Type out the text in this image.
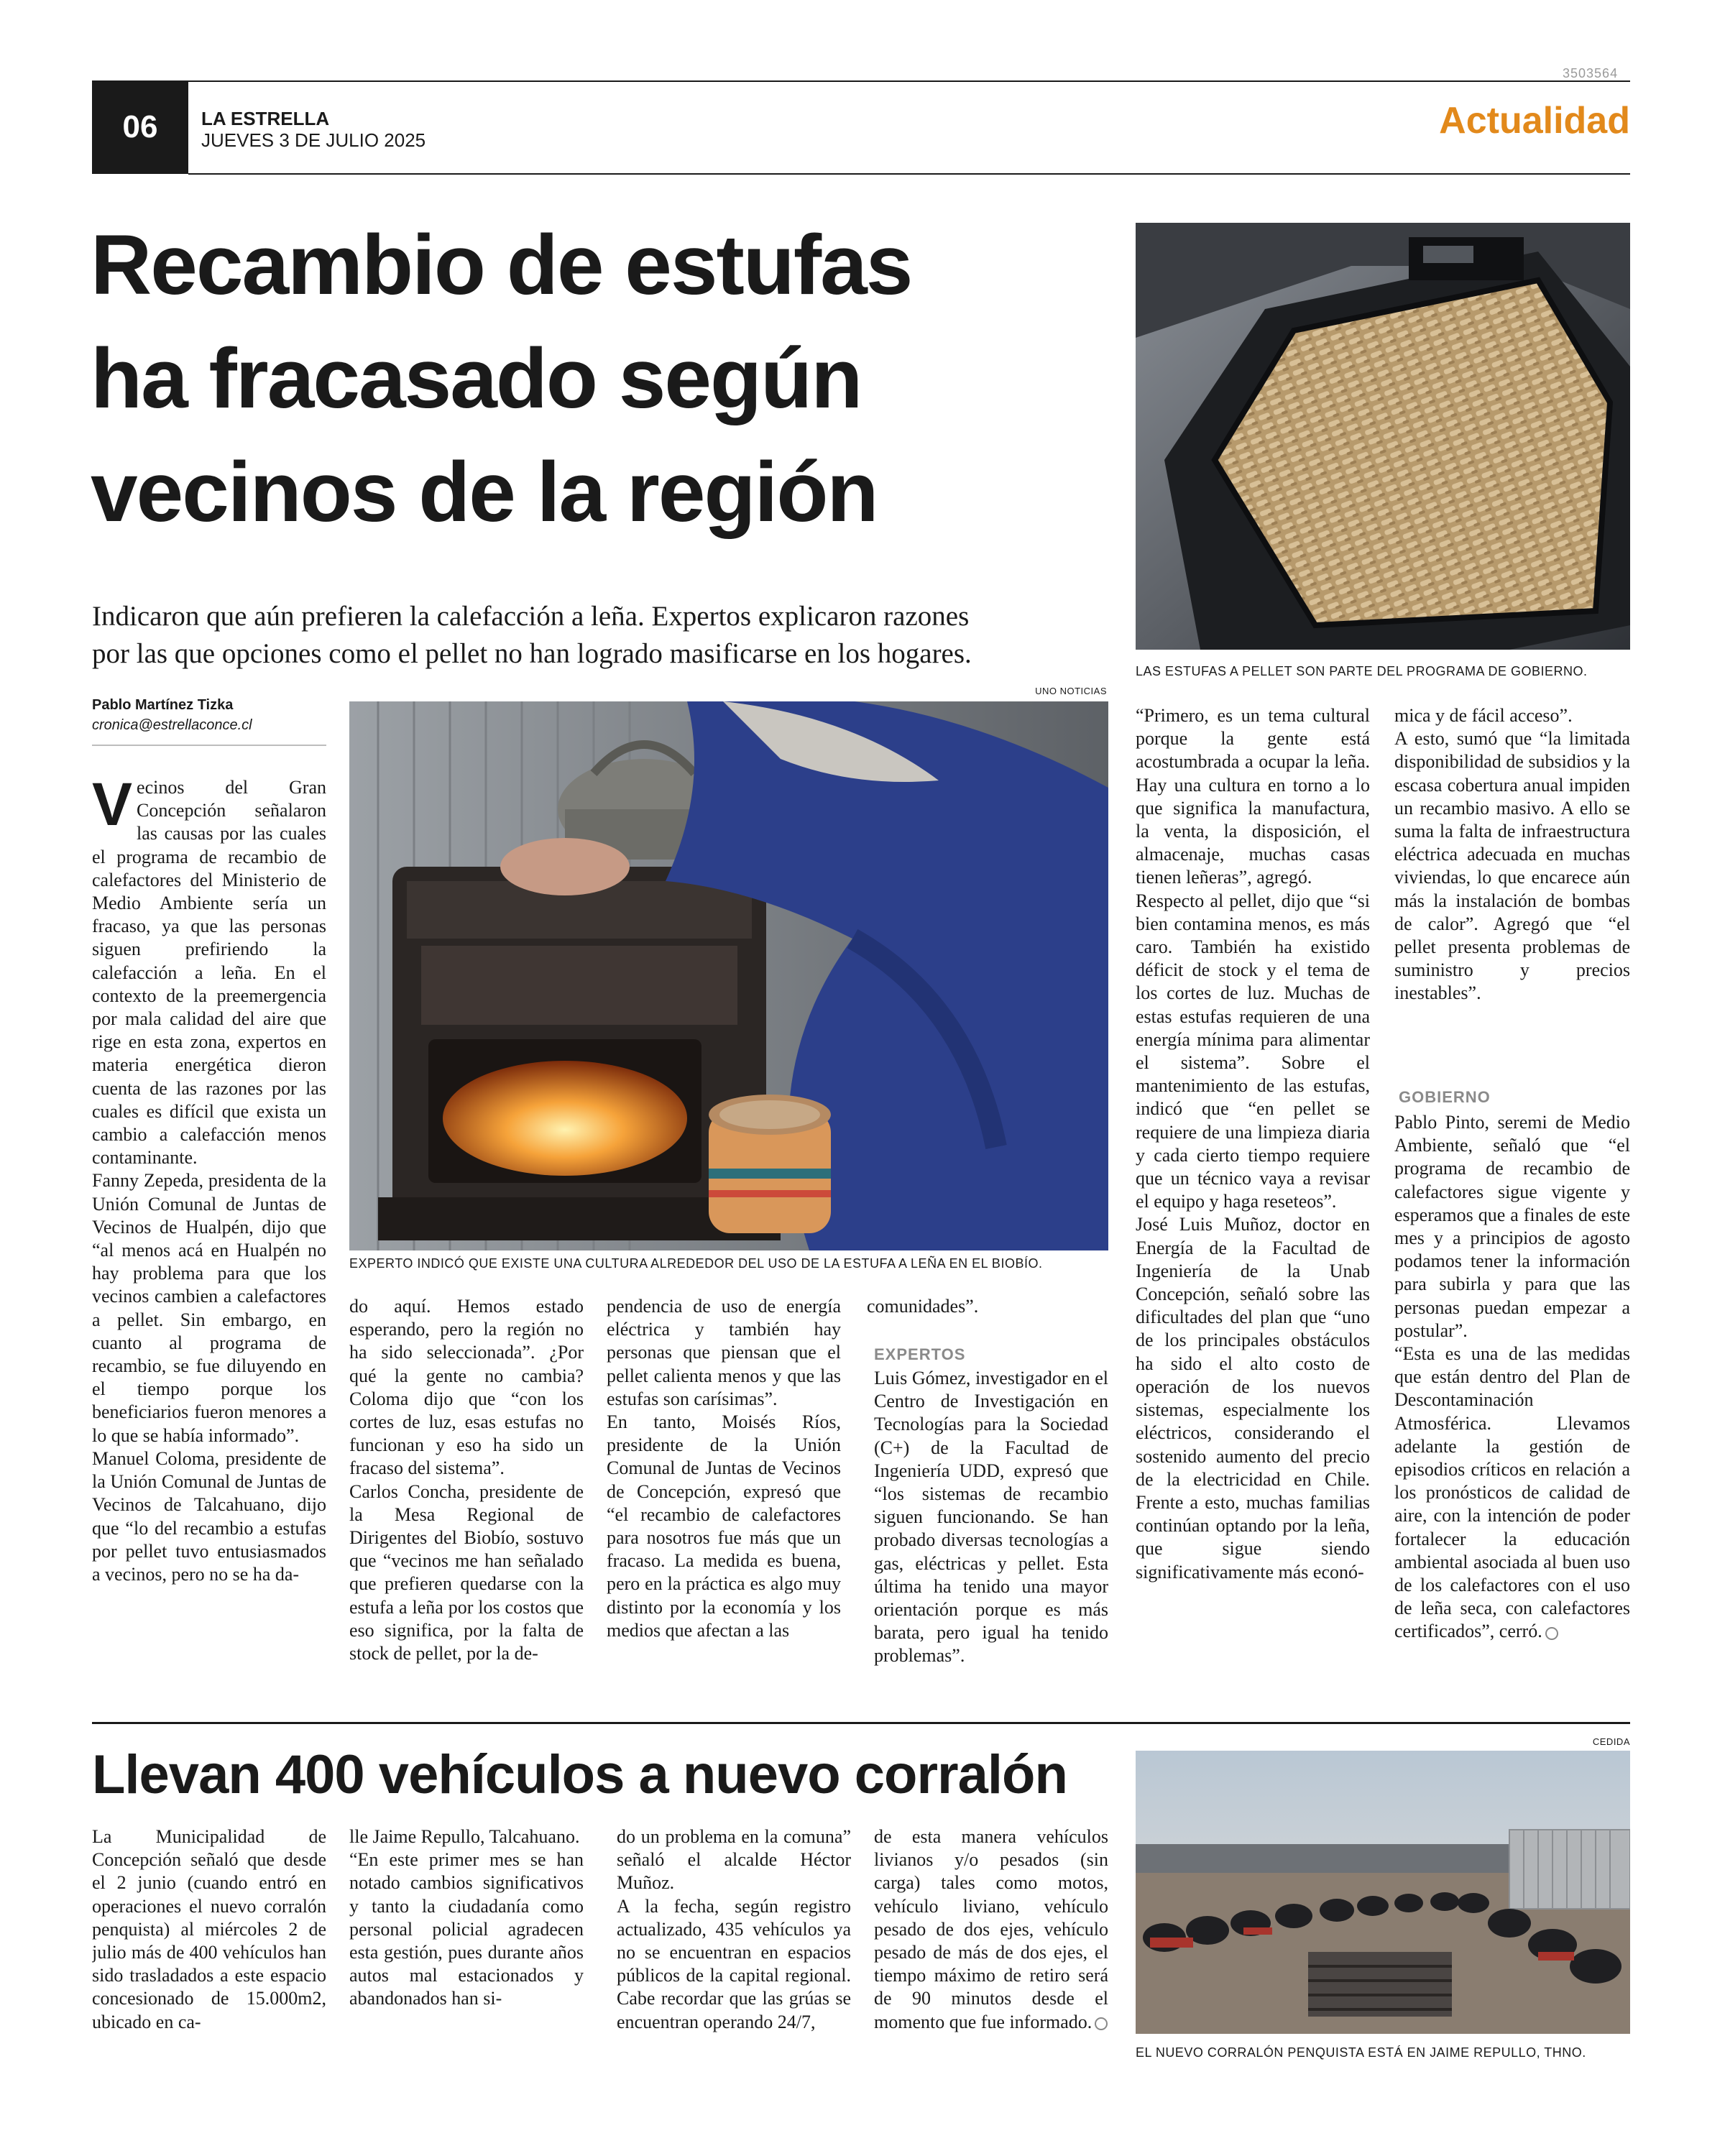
3503564
06	LA ESTRELLA
JUEVES 3 DE JULIO 2025	Actualidad
Recambio de estufas
ha fracasado según
vecinos de la región
LAS ESTUFAS A PELLET SON PARTE DEL PROGRAMA DE GOBIERNO.
Indicaron que aún prefieren la calefacción a leña. Expertos explicaron razones
por las que opciones como el pellet no han logrado masificarse en los hogares.
UNO NOTICIAS
Pablo Martínez Tizka
cronica@estrellaconce.cl
EXPERTO INDICÓ QUE EXISTE UNA CULTURA ALREDEDOR DEL USO DE LA ESTUFA A LEÑA EN EL BIOBÍO.
Vecinos del Gran Concepción señalaron las causas por las cuales el programa de recambio de calefactores del Ministerio de Medio Ambiente sería un fracaso, ya que las personas siguen prefiriendo la calefacción a leña. En el contexto de la preemergencia por mala calidad del aire que rige en esta zona, expertos en materia energética dieron cuenta de las razones por las cuales es difícil que exista un cambio a calefacción menos contaminante.
Fanny Zepeda, presidenta de la Unión Comunal de Juntas de Vecinos de Hualpén, dijo que “al menos acá en Hualpén no hay problema para que los vecinos cambien a calefactores a pellet. Sin embargo, en cuanto al programa de recambio, se fue diluyendo en el tiempo porque los beneficiarios fueron menores a lo que se había informado”.
Manuel Coloma, presidente de la Unión Comunal de Juntas de Vecinos de Talcahuano, dijo que “lo del recambio a estufas por pellet tuvo entusiasmados a vecinos, pero no se ha da-
do aquí. Hemos estado esperando, pero la región no ha sido seleccionada”. ¿Por qué la gente no cambia? Coloma dijo que “con los cortes de luz, esas estufas no funcionan y eso ha sido un fracaso del sistema”.
Carlos Concha, presidente de la Mesa Regional de Dirigentes del Biobío, sostuvo que “vecinos me han señalado que prefieren quedarse con la estufa a leña por los costos que eso significa, por la falta de stock de pellet, por la de-
pendencia de uso de energía eléctrica y también hay personas que piensan que el pellet calienta menos y que las estufas son carísimas”.
En tanto, Moisés Ríos, presidente de la Unión Comunal de Juntas de Vecinos de Concepción, expresó que “el recambio de calefactores para nosotros fue más que un fracaso. La medida es buena, pero en la práctica es algo muy distinto por la economía y los medios que afectan a las
comunidades”.
EXPERTOS
Luis Gómez, investigador en el Centro de Investigación en Tecnologías para la Sociedad (C+) de la Facultad de Ingeniería UDD, expresó que “los sistemas de recambio siguen funcionando. Se han probado diversas tecnologías a gas, eléctricas y pellet. Esta última ha tenido una mayor orientación porque es más barata, pero igual ha tenido problemas”.
“Primero, es un tema cultural porque la gente está acostumbrada a ocupar la leña. Hay una cultura en torno a lo que significa la manufactura, la venta, la disposición, el almacenaje, muchas casas tienen leñeras”, agregó.
Respecto al pellet, dijo que “si bien contamina menos, es más caro. También ha existido déficit de stock y el tema de los cortes de luz. Muchas de estas estufas requieren de una energía mínima para alimentar el sistema”. Sobre el mantenimiento de las estufas, indicó que “en pellet se requiere de una limpieza diaria y cada cierto tiempo requiere que un técnico vaya a revisar el equipo y haga reseteos”.
José Luis Muñoz, doctor en Energía de la Facultad de Ingeniería de la Unab Concepción, señaló sobre las dificultades del plan que “uno de los principales obstáculos ha sido el alto costo de operación de los nuevos sistemas, especialmente los eléctricos, considerando el sostenido aumento del precio de la electricidad en Chile. Frente a esto, muchas familias continúan optando por la leña, que sigue siendo significativamente más econó-
mica y de fácil acceso”.
A esto, sumó que “la limitada disponibilidad de subsidios y la escasa cobertura anual impiden un recambio masivo. A ello se suma la falta de infraestructura eléctrica adecuada en muchas viviendas, lo que encarece aún más la instalación de bombas de calor”. Agregó que “el pellet presenta problemas de suministro y precios inestables”.
GOBIERNO
Pablo Pinto, seremi de Medio Ambiente, señaló que “el programa de recambio de calefactores sigue vigente y esperamos que a finales de este mes y a principios de agosto podamos tener la información para subirla y para que las personas puedan empezar a postular”.
“Esta es una de las medidas que están dentro del Plan de Descontaminación Atmosférica. Llevamos adelante la gestión de episodios críticos en relación a los pronósticos de calidad de aire, con la intención de poder fortalecer la educación ambiental asociada al buen uso de los calefactores con el uso de leña seca, con calefactores certificados”, cerró.
Llevan 400 vehículos a nuevo corralón
La Municipalidad de Concepción señaló que desde el 2 junio (cuando entró en operaciones el nuevo corralón penquista) al miércoles 2 de julio más de 400 vehículos han sido trasladados a este espacio concesionado de 15.000m2, ubicado en ca-
lle Jaime Repullo, Talcahuano.
“En este primer mes se han notado cambios significativos y tanto la ciudadanía como personal policial agradecen esta gestión, pues durante años autos mal estacionados y abandonados han si-
do un problema en la comuna” señaló el alcalde Héctor Muñoz.
A la fecha, según registro actualizado, 435 vehículos ya no se encuentran en espacios públicos de la capital regional. Cabe recordar que las grúas se encuentran operando 24/7,
de esta manera vehículos livianos y/o pesados (sin carga) tales como motos, vehículo liviano, vehículo pesado de dos ejes, vehículo pesado de más de dos ejes, el tiempo máximo de retiro será de 90 minutos desde el momento que fue informado.
CEDIDA
EL NUEVO CORRALÓN PENQUISTA ESTÁ EN JAIME REPULLO, THNO.
